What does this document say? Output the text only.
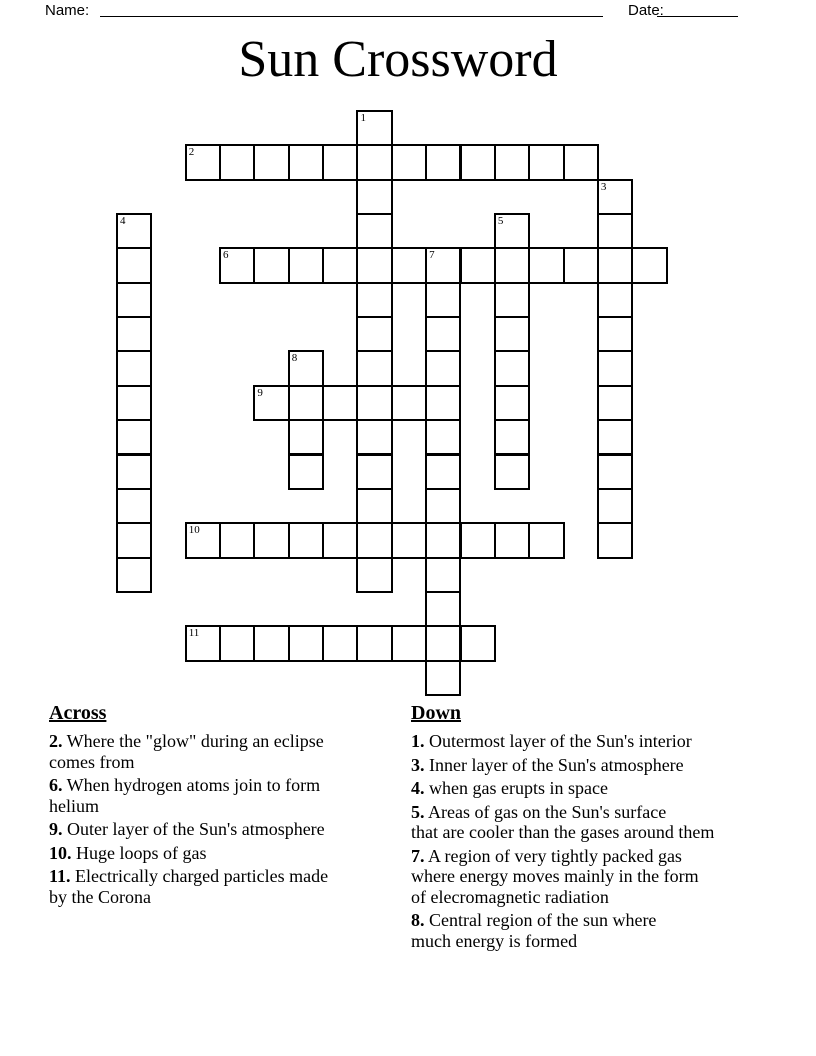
Name:	Date:
Sun Crossword
1
2
3
4	5
6	7
8
9
10
11
Across
2. Where the "glow" during an eclipse
comes from
6. When hydrogen atoms join to form
helium
9. Outer layer of the Sun's atmosphere
10. Huge loops of gas
11. Electrically charged particles made
by the Corona
Down
1. Outermost layer of the Sun's interior
3. Inner layer of the Sun's atmosphere
4. when gas erupts in space
5. Areas of gas on the Sun's surface
that are cooler than the gases around them
7. A region of very tightly packed gas
where energy moves mainly in the form
of elecromagnetic radiation
8. Central region of the sun where
much energy is formed
